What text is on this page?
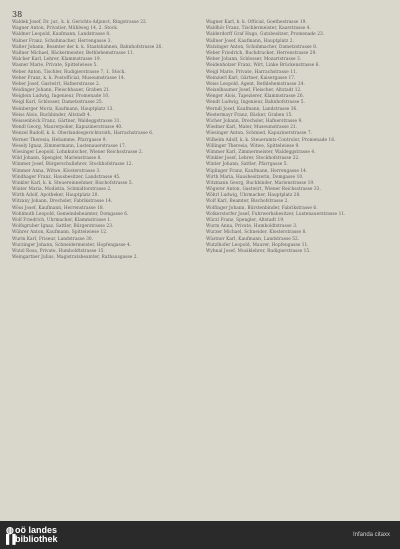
38
Waldek Josef, Dr. jur., k. k. Gerichts-Adjunct, Ringstrasse 22.
Wagner Anton, Privatier, Mühlweg 14, 2. Stock.
Waldner Leopold, Kaufmann, Landstrasse 8.
Walner Franz, Schuhmacher, Herrengasse 3.
Walter Johann, Beamter der k. k. Staatsbahnen, Bahnhofstrasse 26.
Wallner Michael, Bäckermeister, Bethlehemstrasse 11.
Walcher Karl, Lehrer, Klammstrasse 19.
Wasner Marie, Private, Spittelwiese 5.
Weber Anton, Tischler, Rudigierstrasse 7, 1. Stock.
Weber Franz, k. k. Postofficial, Museumstrasse 14.
Weber Josef, Gastwirt, Hafnerstrasse 2.
Weidinger Johann, Fleischhauer, Graben 21.
Weiglein Ludwig, Ingenieur, Promenade 10.
Weigl Karl, Schlosser, Dametzstrasse 25.
Weinberger Moriz, Kaufmann, Hauptplatz 13.
Weiss Alois, Buchbinder, Altstadt 4.
Weissenböck Franz, Gärtner, Waldeggstrasse 31.
Wendl Georg, Maurerpolier, Kapuzinerstrasse 40.
Wenzel Rudolf, k. k. Oberlandesgerichtsrath, Harrachstrasse 6.
Werner Theresia, Hebamme, Pfarrgasse 9.
Wesely Ignaz, Zimmermann, Lustenauerstrasse 17.
Wiesinger Leopold, Lohnkutscher, Wiener Reichsstrasse 2.
Wild Johann, Spengler, Marienstrasse 8.
Wimmer Josef, Bürgerschullehrer, Stockhofstrasse 12.
Wimmer Anna, Witwe, Klosterstrasse 3.
Windhager Franz, Hausbesitzer, Landstrasse 45.
Winkler Karl, k. k. Steuereinnehmer, Bischofstrasse 5.
Winter Maria, Modistin, Schmidtorstrasse 2.
Wirth Adolf, Apotheker, Hauptplatz 20.
Witzany Johann, Drechsler, Fabrikstrasse 14.
Wöss Josef, Kaufmann, Herrenstrasse 18.
Wohlmuth Leopold, Gemeindebeamter, Domgasse 6.
Wolf Friedrich, Uhrmacher, Klammstrasse 1.
Wolfsgruber Ignaz, Sattler, Bürgerstrasse 23.
Wührer Anton, Kaufmann, Spittelwiese 12.
Wurm Karl, Friseur, Landstrasse 30.
Wurzinger Johann, Schneidermeister, Hopfengasse 4.
Wutzl Rosa, Private, Humboldtstrasse 15.
Weingartner Julius, Magistratsbeamter, Rathausgasse 2.
Wagner Karl, k. k. Official, Goethestrasse 19.
Waldhör Franz, Tischlermeister, Kaarstrasse 4.
Walderdorff Graf Hugo, Gutsbesitzer, Promenade 23.
Wallner Josef, Kaufmann, Hauptplatz 2.
Watzinger Anton, Schuhmacher, Dametzstrasse 8.
Weber Friedrich, Buchdrucker, Herrenstrasse 29.
Weber Johann, Schlosser, Mozartstrasse 3.
Weidenholzer Franz, Wirt, Linke Brückenstrasse 6.
Weigl Marie, Private, Harrachstrasse 11.
Weinzierl Karl, Gärtner, Kaisergasse 17.
Weiss Leopold, Agent, Bethlehemstrasse 24.
Weixelbaumer Josef, Fleischer, Altstadt 12.
Wenger Alois, Tapezierer, Klammstrasse 26.
Wendt Ludwig, Ingenieur, Bahnhofstrasse 5.
Werndl Josef, Kaufmann, Landstrasse 36.
Westermayr Franz, Bäcker, Graben 15.
Wicher Johann, Drechsler, Hafnerstrasse 9.
Wiedner Karl, Maler, Museumstrasse 21.
Wiesinger Anton, Schmied, Kapuzinerstrasse 7.
Wilhelm Adolf, k. k. Steueramts-Controlor, Promenade 16.
Willinger Theresia, Witwe, Spittelwiese 9.
Wimmer Karl, Zimmermeister, Waldeggstrasse 4.
Winkler Josef, Lehrer, Stockhofstrasse 22.
Winter Johann, Sattler, Pfarrgasse 5.
Wiplinger Franz, Kaufmann, Herrengasse 14.
Wirth Maria, Hausbesitzerin, Domgasse 10.
Witzmann Georg, Buchbinder, Marienstrasse 19.
Wögerer Anton, Gastwirt, Wiener Reichsstrasse 33.
Wöhrl Ludwig, Uhrmacher, Hauptplatz 28.
Wolf Karl, Beamter, Bischofstrasse 2.
Wolfinger Johann, Bürstenbinder, Fabrikstrasse 6.
Wolkerstorfer Josef, Fuhrwerksbesitzer, Lustenauerstrasse 11.
Würzl Franz, Spengler, Altstadt 19.
Wurm Anna, Private, Humboldtstrasse 3.
Wurzer Michael, Schneider, Klosterstrasse 8.
Wüstner Karl, Kaufmann, Landstrasse 52.
Wutzlhofer Leopold, Maurer, Hopfengasse 11.
Wyhnal Josef, Musiklehrer, Rudigierstrasse 15.
◍oö landes
▌▌bibliothek	Infanda citaxx
